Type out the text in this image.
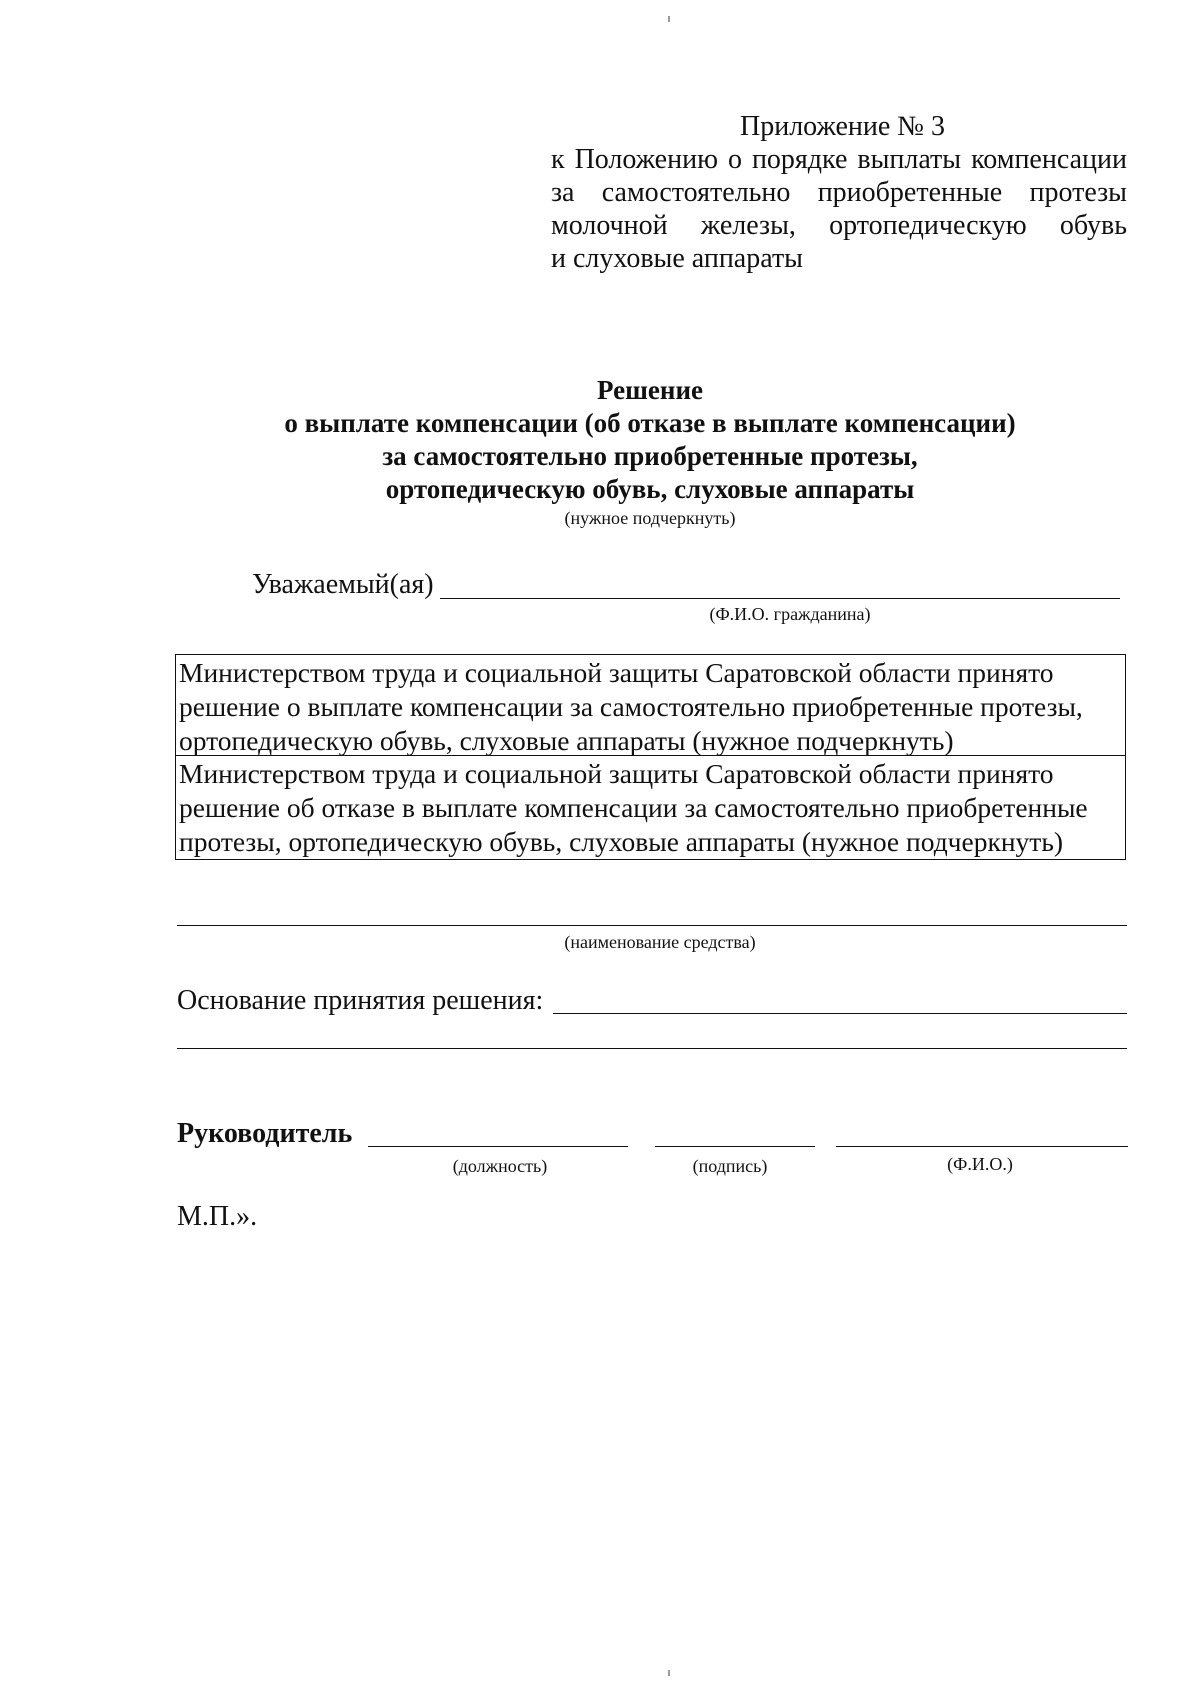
Приложение № 3
к Положению о порядке выплаты компенсации
за самостоятельно приобретенные протезы
молочной железы, ортопедическую обувь
и слуховые аппараты
Решение
о выплате компенсации (об отказе в выплате компенсации)
за самостоятельно приобретенные протезы,
ортопедическую обувь, слуховые аппараты
(нужное подчеркнуть)
Уважаемый(ая)
(Ф.И.О. гражданина)
Министерством труда и социальной защиты Саратовской области принято
решение о выплате компенсации за самостоятельно приобретенные протезы,
ортопедическую обувь, слуховые аппараты (нужное подчеркнуть)
Министерством труда и социальной защиты Саратовской области принято
решение об отказе в выплате компенсации за самостоятельно приобретенные
протезы, ортопедическую обувь, слуховые аппараты (нужное подчеркнуть)
(наименование средства)
Основание принятия решения:
Руководитель
(должность)	(подпись)	(Ф.И.О.)
М.П.».
